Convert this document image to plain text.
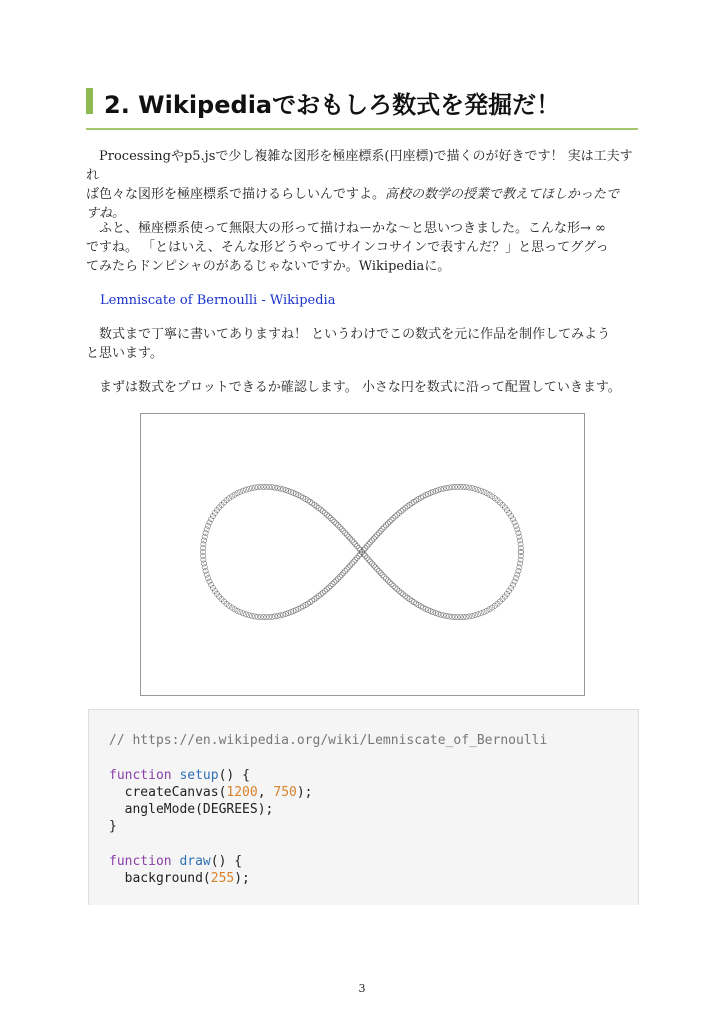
2. Wikipediaでおもしろ数式を発掘だ！
Processingやp5.jsで少し複雑な図形を極座標系(円座標)で描くのが好きです！ 実は工夫すれ
ば色々な図形を極座標系で描けるらしいんですよ。高校の数学の授業で教えてほしかったで
すね。
ふと、極座標系使って無限大の形って描けねーかな〜と思いつきました。こんな形→ ∞
ですね。 「とはいえ、そんな形どうやってサインコサインで表すんだ？」と思ってググっ
てみたらドンピシャのがあるじゃないですか。Wikipediaに。
Lemniscate of Bernoulli - Wikipedia
数式まで丁寧に書いてありますね！ というわけでこの数式を元に作品を制作してみよう
と思います。
まずは数式をプロットできるか確認します。 小さな円を数式に沿って配置していきます。
// https://en.wikipedia.org/wiki/Lemniscate_of_Bernoulli
function setup() {
createCanvas(1200, 750);
angleMode(DEGREES);
}
function draw() {
background(255);
3
